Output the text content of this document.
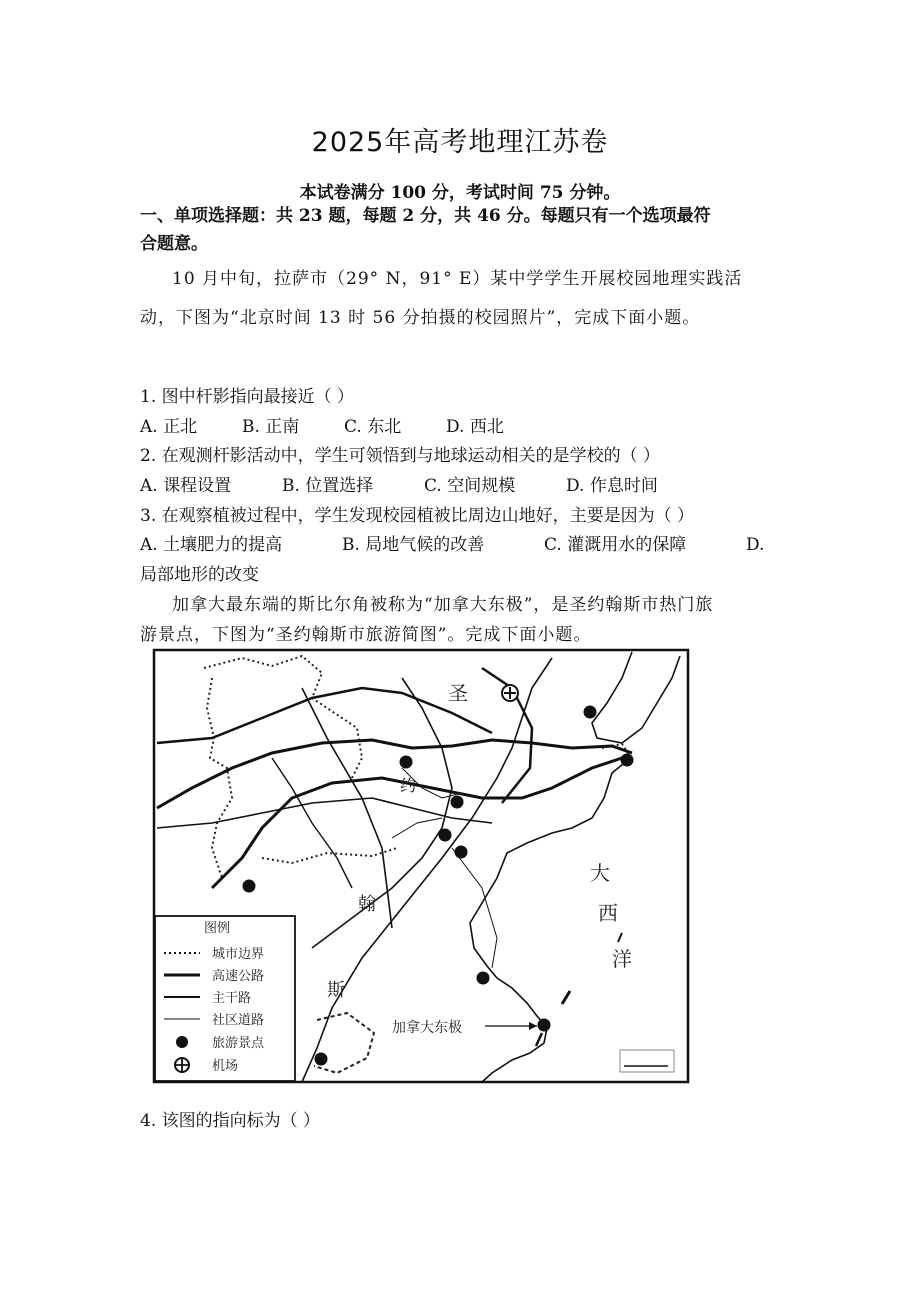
2025年高考地理江苏卷
本试卷满分 100 分，考试时间 75 分钟。
一、单项选择题：共 23 题，每题 2 分，共 46 分。每题只有一个选项最符
合题意。
10 月中旬，拉萨市（29° N，91° E）某中学学生开展校园地理实践活
动，下图为“北京时间 13 时 56 分拍摄的校园照片”，完成下面小题。
1. 图中杆影指向最接近（ ）
A. 正北	B. 正南	C. 东北	D. 西北
2. 在观测杆影活动中，学生可领悟到与地球运动相关的是学校的（ ）
A. 课程设置	B. 位置选择	C. 空间规模	D. 作息时间
3. 在观察植被过程中，学生发现校园植被比周边山地好，主要是因为（ ）
A. 土壤肥力的提高	B. 局地气候的改善	C. 灌溉用水的保障	D.
局部地形的改变
加拿大最东端的斯比尔角被称为“加拿大东极”，是圣约翰斯市热门旅
游景点，下图为“圣约翰斯市旅游简图”。完成下面小题。
圣
约
翰
斯
大
西
洋
加拿大东极
图例
城市边界
高速公路
主干路
社区道路
旅游景点
机场
4. 该图的指向标为（ ）
